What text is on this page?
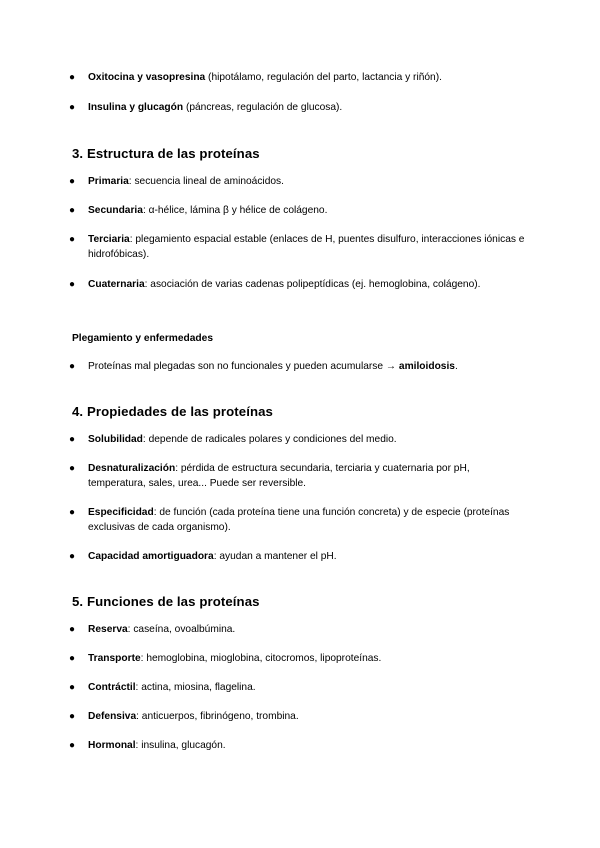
● Oxitocina y vasopresina (hipotálamo, regulación del parto, lactancia y riñón).
● Insulina y glucagón (páncreas, regulación de glucosa).
3. Estructura de las proteínas
● Primaria: secuencia lineal de aminoácidos.
● Secundaria: α-hélice, lámina β y hélice de colágeno.
● Terciaria: plegamiento espacial estable (enlaces de H, puentes disulfuro, interacciones iónicas e hidrofóbicas).
● Cuaternaria: asociación de varias cadenas polipeptídicas (ej. hemoglobina, colágeno).
Plegamiento y enfermedades
● Proteínas mal plegadas son no funcionales y pueden acumularse → amiloidosis.
4. Propiedades de las proteínas
● Solubilidad: depende de radicales polares y condiciones del medio.
● Desnaturalización: pérdida de estructura secundaria, terciaria y cuaternaria por pH, temperatura, sales, urea... Puede ser reversible.
● Especificidad: de función (cada proteína tiene una función concreta) y de especie (proteínas exclusivas de cada organismo).
● Capacidad amortiguadora: ayudan a mantener el pH.
5. Funciones de las proteínas
● Reserva: caseína, ovoalbúmina.
● Transporte: hemoglobina, mioglobina, citocromos, lipoproteínas.
● Contráctil: actina, miosina, flagelina.
● Defensiva: anticuerpos, fibrinógeno, trombina.
● Hormonal: insulina, glucagón.
